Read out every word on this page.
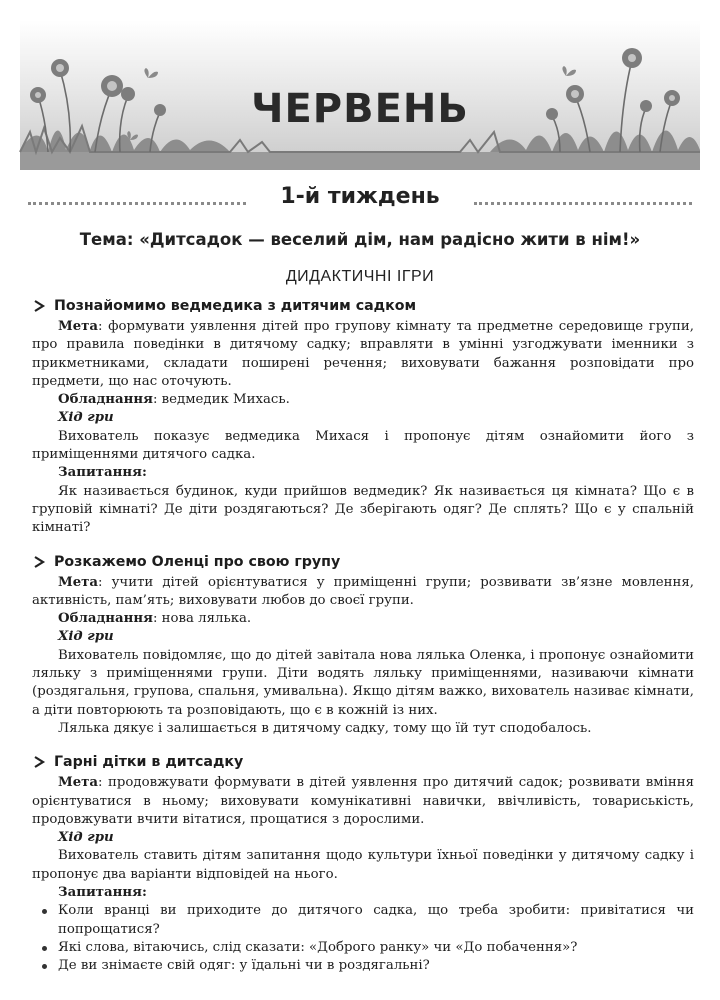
ЧЕРВЕНЬ
1-й тиждень
Тема: «Дитсадок — веселий дім, нам радісно жити в нім!»
ДИДАКТИЧНІ ІГРИ
Познайомимо ведмедика з дитячим садком

Мета: формувати уявлення дітей про групову кімнату та предметне середовище групи, про правила поведінки в дитячому садку; вправляти в умінні узгоджувати іменники з прикметниками, складати поширені речення; виховувати бажання розповідати про предмети, що нас оточують.

Обладнання: ведмедик Михась.

Хід гри

Вихователь показує ведмедика Михася і пропонує дітям ознайомити його з приміщеннями дитячого садка.

Запитання:

Як називається будинок, куди прийшов ведмедик? Як називається ця кімната? Що є в груповій кімнаті? Де діти роздягаються? Де зберігають одяг? Де сплять? Що є у спальній кімнаті?

Розкажемо Оленці про свою групу

Мета: учити дітей орієнтуватися у приміщенні групи; розвивати зв’язне мовлення, активність, пам’ять; виховувати любов до своєї групи.

Обладнання: нова лялька.

Хід гри

Вихователь повідомляє, що до дітей завітала нова лялька Оленка, і пропонує ознайомити ляльку з приміщеннями групи. Діти водять ляльку приміщеннями, називаючи кімнати (роздягальня, групова, спальня, умивальна). Якщо дітям важко, вихователь називає кімнати, а діти повторюють та розповідають, що є в кожній із них.

Лялька дякує і залишається в дитячому садку, тому що їй тут сподобалось.

Гарні дітки в дитсадку

Мета: продовжувати формувати в дітей уявлення про дитячий садок; розвивати вміння орієнтуватися в ньому; виховувати комунікативні навички, ввічливість, товариськість, продовжувати вчити вітатися, прощатися з дорослими.

Хід гри

Вихователь ставить дітям запитання щодо культури їхньої поведінки у дитячому садку і пропонує два варіанти відповідей на нього.

Запитання:

Коли вранці ви приходите до дитячого садка, що треба зробити: привітатися чи попрощатися?
Які слова, вітаючись, слід сказати: «Доброго ранку» чи «До побачення»?
Де ви знімаєте свій одяг: у їдальні чи в роздягальні?
